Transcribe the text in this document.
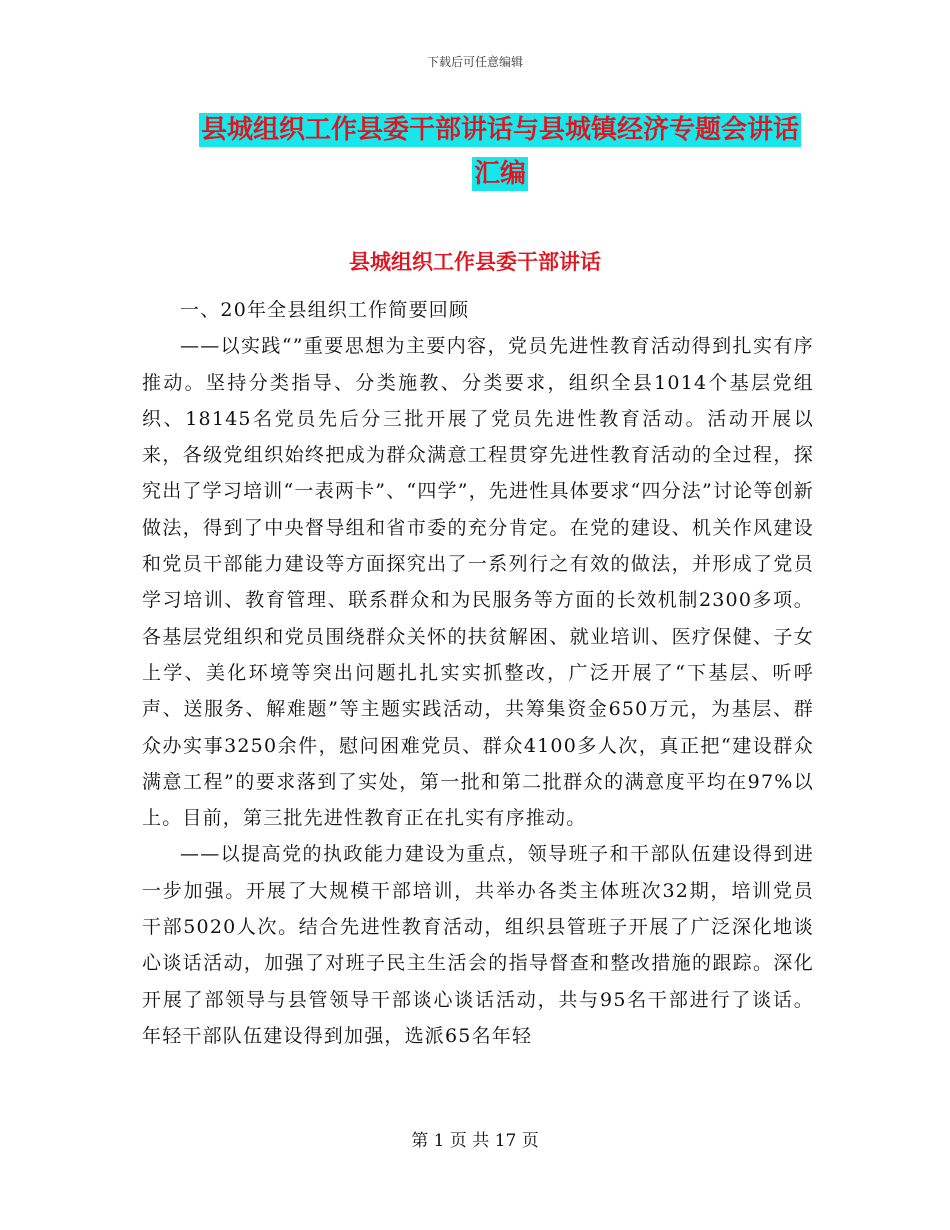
下载后可任意编辑
县城组织工作县委干部讲话与县城镇经济专题会讲话
汇编
县城组织工作县委干部讲话

一、20年全县组织工作简要回顾

——以实践“”重要思想为主要内容，党员先进性教育活动得到扎实有序推动。坚持分类指导、分类施教、分类要求，组织全县1014个基层党组织、18145名党员先后分三批开展了党员先进性教育活动。活动开展以来，各级党组织始终把成为群众满意工程贯穿先进性教育活动的全过程，探究出了学习培训“一表两卡”、“四学”，先进性具体要求“四分法”讨论等创新做法，得到了中央督导组和省市委的充分肯定。在党的建设、机关作风建设和党员干部能力建设等方面探究出了一系列行之有效的做法，并形成了党员学习培训、教育管理、联系群众和为民服务等方面的长效机制2300多项。各基层党组织和党员围绕群众关怀的扶贫解困、就业培训、医疗保健、子女上学、美化环境等突出问题扎扎实实抓整改，广泛开展了“下基层、听呼声、送服务、解难题”等主题实践活动，共筹集资金650万元，为基层、群众办实事3250余件，慰问困难党员、群众4100多人次，真正把“建设群众满意工程”的要求落到了实处，第一批和第二批群众的满意度平均在97%以上。目前，第三批先进性教育正在扎实有序推动。

——以提高党的执政能力建设为重点，领导班子和干部队伍建设得到进一步加强。开展了大规模干部培训，共举办各类主体班次32期，培训党员干部5020人次。结合先进性教育活动，组织县管班子开展了广泛深化地谈心谈话活动，加强了对班子民主生活会的指导督查和整改措施的跟踪。深化开展了部领导与县管领导干部谈心谈话活动，共与95名干部进行了谈话。年轻干部队伍建设得到加强，选派65名年轻

第 1 页 共 17 页
